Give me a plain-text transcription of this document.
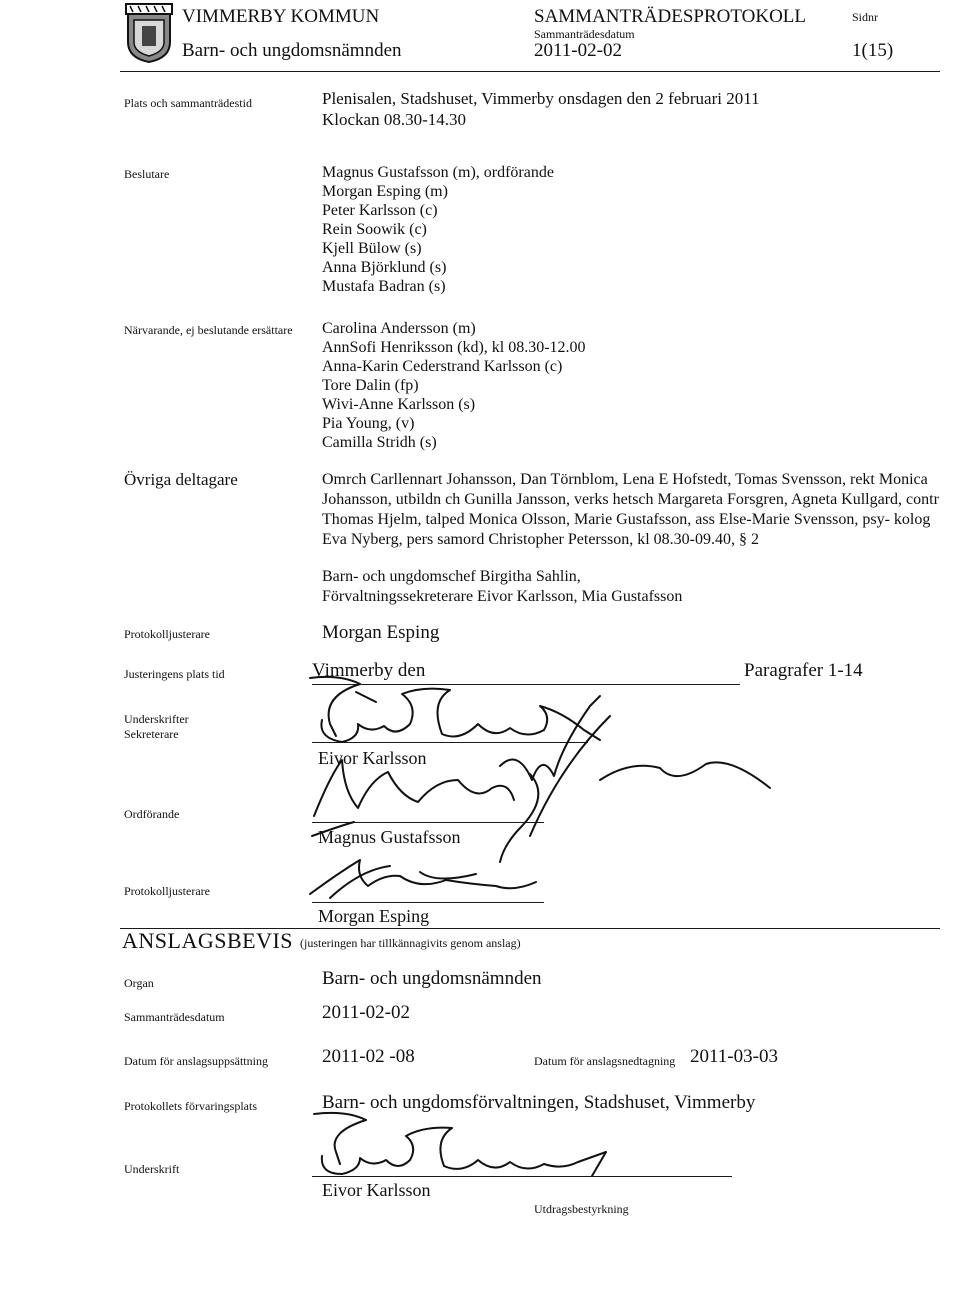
VIMMERBY KOMMUN
Barn- och ungdomsnämnden
SAMMANTRÄDESPROTOKOLL
Sammanträdesdatum
2011-02-02
Sidnr
1(15)
Plats och sammanträdestid	Plenisalen, Stadshuset, Vimmerby onsdagen den 2 februari 2011
Klockan 08.30-14.30
Beslutare	Magnus Gustafsson (m), ordförande
Morgan Esping (m)
Peter Karlsson (c)
Rein Soowik (c)
Kjell Bülow (s)
Anna Björklund (s)
Mustafa Badran (s)
Närvarande, ej beslutande ersättare Carolina Andersson (m)
AnnSofi Henriksson (kd), kl 08.30-12.00
Anna-Karin Cederstrand Karlsson (c)
Tore Dalin (fp)
Wivi-Anne Karlsson (s)
Pia Young, (v)
Camilla Stridh (s)
Övriga deltagare	Omrch Carllennart Johansson, Dan Törnblom, Lena E Hofstedt, Tomas Svensson, rekt Monica Johansson, utbildn ch Gunilla Jansson, verks hetsch Margareta Forsgren, Agneta Kullgard, contr Thomas Hjelm, talped Monica Olsson, Marie Gustafsson, ass Else-Marie Svensson, psy- kolog Eva Nyberg, pers samord Christopher Petersson, kl 08.30-09.40, § 2
Barn- och ungdomschef Birgitha Sahlin,
Förvaltningssekreterare Eivor Karlsson, Mia Gustafsson
Protokolljusterare	Morgan Esping
Justeringens plats tid	Vimmerby den	Paragrafer 1-14
Underskrifter
Sekreterare
Eivor Karlsson
Ordförande
Magnus Gustafsson
Protokolljusterare
Morgan Esping
ANSLAGSBEVIS (justeringen har tillkännagivits genom anslag)
Organ	Barn- och ungdomsnämnden
Sammanträdesdatum	2011-02-02
Datum för anslagsuppsättning	2011-02 -08	Datum för anslagsnedtagning 2011-03-03
Protokollets förvaringsplats	Barn- och ungdomsförvaltningen, Stadshuset, Vimmerby
Underskrift
Eivor Karlsson
Utdragsbestyrkning
